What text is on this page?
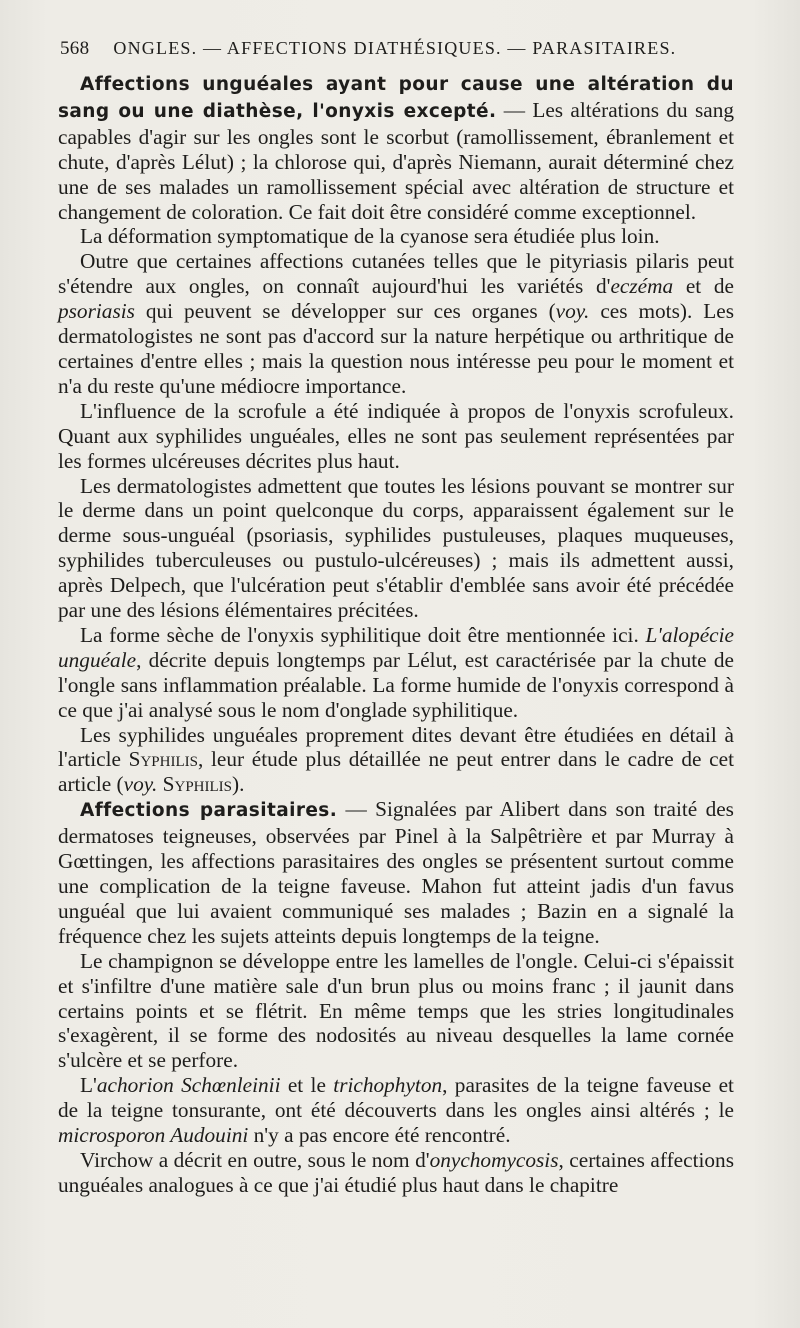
568 ONGLES. — AFFECTIONS DIATHÉSIQUES. — PARASITAIRES.

Affections unguéales ayant pour cause une altération du sang ou une diathèse, l'onyxis excepté. — Les altérations du sang capables d'agir sur les ongles sont le scorbut (ramollissement, ébranlement et chute, d'après Lélut) ; la chlorose qui, d'après Niemann, aurait déterminé chez une de ses malades un ramollissement spécial avec altération de structure et changement de coloration. Ce fait doit être considéré comme exceptionnel.

La déformation symptomatique de la cyanose sera étudiée plus loin.

Outre que certaines affections cutanées telles que le pityriasis pilaris peut s'étendre aux ongles, on connaît aujourd'hui les variétés d'eczéma et de psoriasis qui peuvent se développer sur ces organes (voy. ces mots). Les dermatologistes ne sont pas d'accord sur la nature herpétique ou arthritique de certaines d'entre elles ; mais la question nous intéresse peu pour le moment et n'a du reste qu'une médiocre importance.

L'influence de la scrofule a été indiquée à propos de l'onyxis scrofuleux. Quant aux syphilides unguéales, elles ne sont pas seulement représentées par les formes ulcéreuses décrites plus haut.

Les dermatologistes admettent que toutes les lésions pouvant se montrer sur le derme dans un point quelconque du corps, apparaissent également sur le derme sous-unguéal (psoriasis, syphilides pustuleuses, plaques muqueuses, syphilides tuberculeuses ou pustulo-ulcéreuses) ; mais ils admettent aussi, après Delpech, que l'ulcération peut s'établir d'emblée sans avoir été précédée par une des lésions élémentaires précitées.

La forme sèche de l'onyxis syphilitique doit être mentionnée ici. L'alopécie unguéale, décrite depuis longtemps par Lélut, est caractérisée par la chute de l'ongle sans inflammation préalable. La forme humide de l'onyxis correspond à ce que j'ai analysé sous le nom d'onglade syphilitique.

Les syphilides unguéales proprement dites devant être étudiées en détail à l'article Syphilis, leur étude plus détaillée ne peut entrer dans le cadre de cet article (voy. Syphilis).

Affections parasitaires. — Signalées par Alibert dans son traité des dermatoses teigneuses, observées par Pinel à la Salpêtrière et par Murray à Gœttingen, les affections parasitaires des ongles se présentent surtout comme une complication de la teigne faveuse. Mahon fut atteint jadis d'un favus unguéal que lui avaient communiqué ses malades ; Bazin en a signalé la fréquence chez les sujets atteints depuis longtemps de la teigne.

Le champignon se développe entre les lamelles de l'ongle. Celui-ci s'épaissit et s'infiltre d'une matière sale d'un brun plus ou moins franc ; il jaunit dans certains points et se flétrit. En même temps que les stries longitudinales s'exagèrent, il se forme des nodosités au niveau desquelles la lame cornée s'ulcère et se perfore.

L'achorion Schœnleinii et le trichophyton, parasites de la teigne faveuse et de la teigne tonsurante, ont été découverts dans les ongles ainsi altérés ; le microsporon Audouini n'y a pas encore été rencontré.

Virchow a décrit en outre, sous le nom d'onychomycosis, certaines affections unguéales analogues à ce que j'ai étudié plus haut dans le chapitre
